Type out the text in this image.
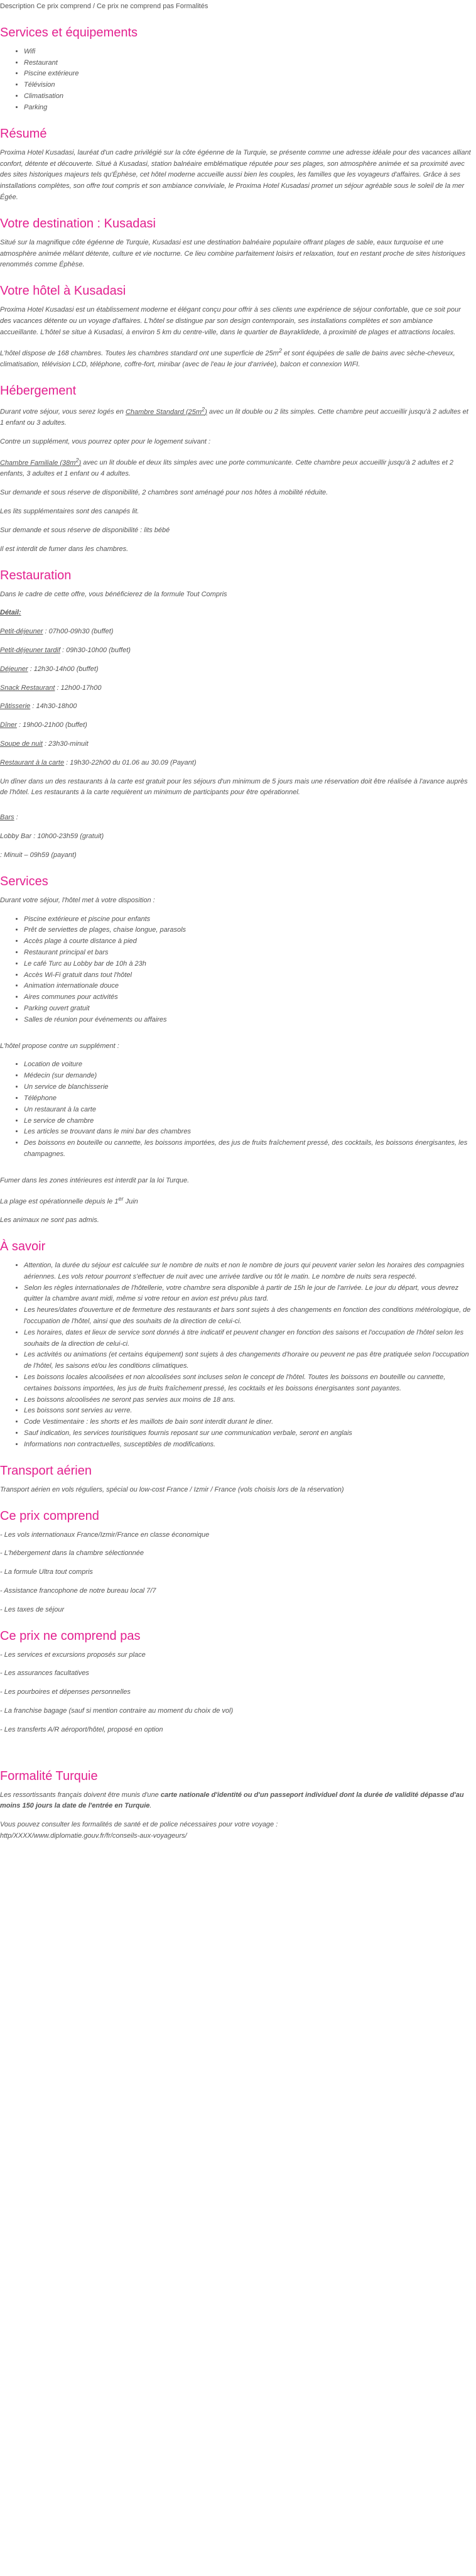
Description Ce prix comprend / Ce prix ne comprend pas Formalités
Services et équipements
• Wifi
• Restaurant
• Piscine extérieure
• Télévision
• Climatisation
• Parking
Résumé

Proxima Hotel Kusadasi, lauréat d'un cadre privilégié sur la côte égéenne de la Turquie, se présente comme une adresse idéale pour des vacances alliant confort, détente et découverte. Situé à Kusadasi, station balnéaire emblématique réputée pour ses plages, son atmosphère animée et sa proximité avec des sites historiques majeurs tels qu'Éphèse, cet hôtel moderne accueille aussi bien les couples, les familles que les voyageurs d'affaires. Grâce à ses installations complètes, son offre tout compris et son ambiance conviviale, le Proxima Hotel Kusadasi promet un séjour agréable sous le soleil de la mer Égée.

Votre destination : Kusadasi

Situé sur la magnifique côte égéenne de Turquie, Kusadasi est une destination balnéaire populaire offrant plages de sable, eaux turquoise et une atmosphère animée mêlant détente, culture et vie nocturne. Ce lieu combine parfaitement loisirs et relaxation, tout en restant proche de sites historiques renommés comme Éphèse.

Votre hôtel à Kusadasi

Proxima Hotel Kusadasi est un établissement moderne et élégant conçu pour offrir à ses clients une expérience de séjour confortable, que ce soit pour des vacances détente ou un voyage d'affaires. L'hôtel se distingue par son design contemporain, ses installations complètes et son ambiance accueillante. L'hôtel se situe à Kusadasi, à environ 5 km du centre-ville, dans le quartier de Bayraklidede, à proximité de plages et attractions locales.

L'hôtel dispose de 168 chambres. Toutes les chambres standard ont une superficie de $25m^2$ et sont équipées de salle de bains avec sèche-cheveux, climatisation, télévision LCD, téléphone, coffre-fort, minibar (avec de l'eau le jour d'arrivée), balcon et connexion WIFI.

Hébergement

Durant votre séjour, vous serez logés en Chambre Standard $(25m^2)$ avec un lit double ou 2 lits simples. Cette chambre peut accueillir jusqu'à 2 adultes et 1 enfant ou 3 adultes.

Contre un supplément, vous pourrez opter pour le logement suivant :

Chambre Familiale $(38m^2)$ avec un lit double et deux lits simples avec une porte communicante. Cette chambre peux accueillir jusqu'à 2 adultes et 2 enfants, 3 adultes et 1 enfant ou 4 adultes.

Sur demande et sous réserve de disponibilité, 2 chambres sont aménagé pour nos hôtes à mobilité réduite.

Les lits supplémentaires sont des canapés lit.

Sur demande et sous réserve de disponibilité : lits bébé

Il est interdit de fumer dans les chambres.

Restauration

Dans le cadre de cette offre, vous bénéficierez de la formule Tout Compris

Détail:

Petit-déjeuner : 07h00-09h30 (buffet)

Petit-déjeuner tardif : 09h30-10h00 (buffet)

Déjeuner : 12h30-14h00 (buffet)

Snack Restaurant : 12h00-17h00

Pâtisserie : 14h30-18h00

Dîner : 19h00-21h00 (buffet)

Soupe de nuit : 23h30-minuit

Restaurant à la carte : 19h30-22h00 du 01.06 au 30.09 (Payant)

Un dîner dans un des restaurants à la carte est gratuit pour les séjours d'un minimum de 5 jours mais une réservation doit être réalisée à l'avance auprès de l'hôtel. Les restaurants à la carte requièrent un minimum de participants pour être opérationnel.

Bars :

Lobby Bar : 10h00-23h59 (gratuit)

: Minuit – 09h59 (payant)

Services

Durant votre séjour, l'hôtel met à votre disposition :

• Piscine extérieure et piscine pour enfants
• Prêt de serviettes de plages, chaise longue, parasols
• Accès plage à courte distance à pied
• Restaurant principal et bars
• Le café Turc au Lobby bar de 10h à 23h
• Accès Wi-Fi gratuit dans tout l'hôtel
• Animation internationale douce
• Aires communes pour activités
• Parking ouvert gratuit
• Salles de réunion pour événements ou affaires

L'hôtel propose contre un supplément :

• Location de voiture
• Médecin (sur demande)
• Un service de blanchisserie
• Téléphone
• Un restaurant à la carte
• Le service de chambre
• Les articles se trouvant dans le mini bar des chambres
• Des boissons en bouteille ou cannette, les boissons importées, des jus de fruits fraîchement pressé, des cocktails, les boissons énergisantes, les champagnes.

Fumer dans les zones intérieures est interdit par la loi Turque.

La plage est opérationnelle depuis le 1er Juin

Les animaux ne sont pas admis.

À savoir
• Attention, la durée du séjour est calculée sur le nombre de nuits et non le nombre de jours qui peuvent varier selon les horaires des compagnies aériennes. Les vols retour pourront s'effectuer de nuit avec une arrivée tardive ou tôt le matin. Le nombre de nuits sera respecté.
• Selon les règles internationales de l'hôtellerie, votre chambre sera disponible à partir de 15h le jour de l'arrivée. Le jour du départ, vous devrez quitter la chambre avant midi, même si votre retour en avion est prévu plus tard.
• Les heures/dates d'ouverture et de fermeture des restaurants et bars sont sujets à des changements en fonction des conditions métérologique, de l'occupation de l'hôtel, ainsi que des souhaits de la direction de celui-ci.
• Les horaires, dates et lieux de service sont donnés à titre indicatif et peuvent changer en fonction des saisons et l'occupation de l'hôtel selon les souhaits de la direction de celui-ci.
• Les activités ou animations (et certains équipement) sont sujets à des changements d'horaire ou peuvent ne pas être pratiquée selon l'occupation de l'hôtel, les saisons et/ou les conditions climatiques.
• Les boissons locales alcoolisées et non alcoolisées sont incluses selon le concept de l'hôtel. Toutes les boissons en bouteille ou cannette, certaines boissons importées, les jus de fruits fraîchement pressé, les cocktails et les boissons énergisantes sont payantes.
• Les boissons alcoolisées ne seront pas servies aux moins de 18 ans.
• Les boissons sont servies au verre.
• Code Vestimentaire : les shorts et les maillots de bain sont interdit durant le diner.
• Sauf indication, les services touristiques fournis reposant sur une communication verbale, seront en anglais
• Informations non contractuelles, susceptibles de modifications.
Transport aérien

Transport aérien en vols réguliers, spécial ou low-cost France / Izmir / France (vols choisis lors de la réservation)

Ce prix comprend

- Les vols internationaux France/Izmir/France en classe économique

- L'hébergement dans la chambre sélectionnée

- La formule Ultra tout compris

- Assistance francophone de notre bureau local 7/7

- Les taxes de séjour

Ce prix ne comprend pas

- Les services et excursions proposés sur place

- Les assurances facultatives

- Les pourboires et dépenses personnelles

- La franchise bagage (sauf si mention contraire au moment du choix de vol)

- Les transferts A/R aéroport/hôtel, proposé en option

Formalité Turquie

Les ressortissants français doivent être munis d'une carte nationale d'identité ou d'un passeport individuel dont la durée de validité dépasse d'au moins 150 jours la date de l'entrée en Turquie.

Vous pouvez consulter les formalités de santé et de police nécessaires pour votre voyage :
http/XXXX/www.diplomatie.gouv.fr/fr/conseils-aux-voyageurs/
